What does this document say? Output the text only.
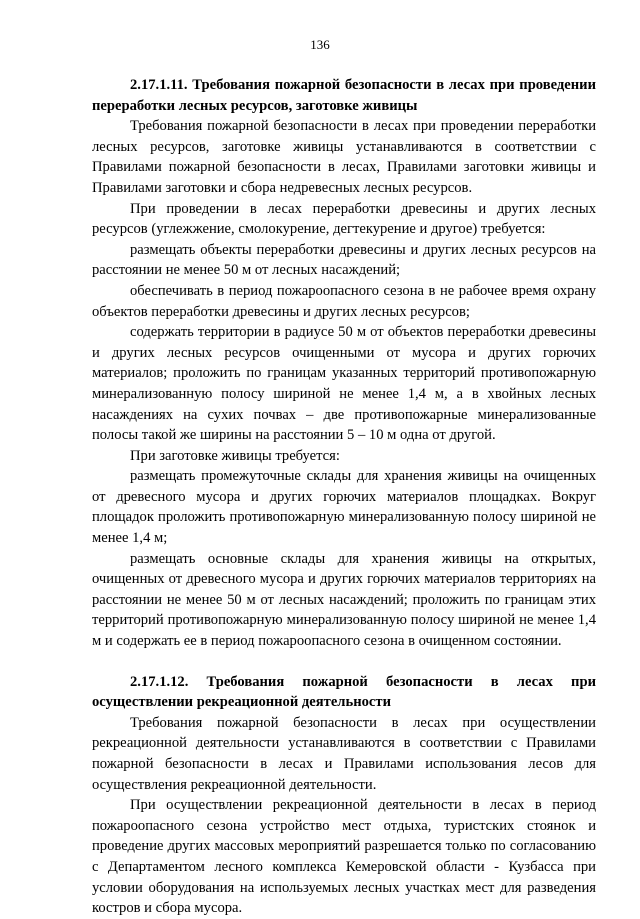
136

2.17.1.11. Требования пожарной безопасности в лесах при проведении переработки лесных ресурсов, заготовке живицы

Требования пожарной безопасности в лесах при проведении переработки лесных ресурсов, заготовке живицы устанавливаются в соответствии с Правилами пожарной безопасности в лесах, Правилами заготовки живицы и Правилами заготовки и сбора недревесных лесных ресурсов.

При проведении в лесах переработки древесины и других лесных ресурсов (углежжение, смолокурение, дегтекурение и другое) требуется:

размещать объекты переработки древесины и других лесных ресурсов на расстоянии не менее 50 м от лесных насаждений;

обеспечивать в период пожароопасного сезона в не рабочее время охрану объектов переработки древесины и других лесных ресурсов;

содержать территории в радиусе 50 м от объектов переработки древесины и других лесных ресурсов очищенными от мусора и других горючих материалов; проложить по границам указанных территорий противопожарную минерализованную полосу шириной не менее 1,4 м, а в хвойных лесных насаждениях на сухих почвах – две противопожарные минерализованные полосы такой же ширины на расстоянии 5 – 10 м одна от другой.

При заготовке живицы требуется:

размещать промежуточные склады для хранения живицы на очищенных от древесного мусора и других горючих материалов площадках. Вокруг площадок проложить противопожарную минерализованную полосу шириной не менее 1,4 м;

размещать основные склады для хранения живицы на открытых, очищенных от древесного мусора и других горючих материалов территориях на расстоянии не менее 50 м от лесных насаждений; проложить по границам этих территорий противопожарную минерализованную полосу шириной не менее 1,4 м и содержать ее в период пожароопасного сезона в очищенном состоянии.

2.17.1.12. Требования пожарной безопасности в лесах при осуществлении рекреационной деятельности

Требования пожарной безопасности в лесах при осуществлении рекреационной деятельности устанавливаются в соответствии с Правилами пожарной безопасности в лесах и Правилами использования лесов для осуществления рекреационной деятельности.

При осуществлении рекреационной деятельности в лесах в период пожароопасного сезона устройство мест отдыха, туристских стоянок и проведение других массовых мероприятий разрешается только по согласованию с Департаментом лесного комплекса Кемеровской области - Кузбасса при условии оборудования на используемых лесных участках мест для разведения костров и сбора мусора.
